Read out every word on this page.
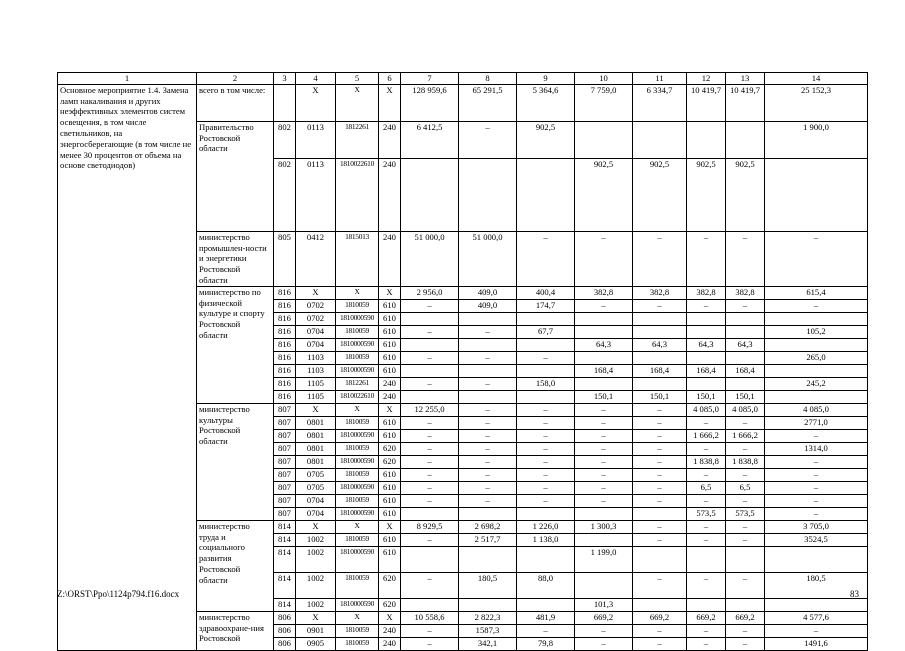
1	2	3	4	5	6	7	8	9	10	11	12	13	14
Основное мероприятие 1.4. Замена ламп накаливания и других неэффективных элементов систем освещения, в том числе светильников, на энергосберегающие (в том числе не менее 30 процентов от объема на основе светодиодов)	всего в том числе:		X	X	X	128 959,6	65 291,5	5 364,6	7 759,0	6 334,7	10 419,7	10 419,7	25 152,3
	Правительство Ростовской области	802	0113	1812261	240	6 412,5	–	902,5					1 900,0
		802	0113	1810022610	240				902,5	902,5	902,5	902,5	
	министерство промышлен-ности и энергетики Ростовской области	805	0412	1815013	240	51 000,0	51 000,0	–	–	–	–	–	–
	министерство по физической культуре и спорту Ростовской области	816	X	X	X	2 956,0	409,0	400,4	382,8	382,8	382,8	382,8	615,4
		816	0702	1810059	610	–	409,0	174,7	–	–	–	–	–
		816	0702	1810000590	610								
		816	0704	1810059	610	–	–	67,7					105,2
		816	0704	1810000590	610				64,3	64,3	64,3	64,3	
		816	1103	1810059	610	–	–	–					265,0
		816	1103	1810000590	610				168,4	168,4	168,4	168,4	
		816	1105	1812261	240	–	–	158,0					245,2
		816	1105	1810022610	240				150,1	150,1	150,1	150,1	
	министерство культуры Ростовской области	807	X	X	X	12 255,0	–	–	–	–	4 085,0	4 085,0	4 085,0
		807	0801	1810059	610	–	–	–	–	–	–	–	2771,0
		807	0801	1810000590	610	–	–	–	–	–	1 666,2	1 666,2	–
		807	0801	1810059	620	–	–	–	–	–	–	–	1314,0
		807	0801	1810000590	620	–	–	–	–	–	1 838,8	1 838,8	–
		807	0705	1810059	610	–	–	–	–	–	–	–	–
		807	0705	1810000590	610	–	–	–	–	–	6,5	6,5	–
		807	0704	1810059	610	–	–	–	–	–	–	–	–
		807	0704	1810000590	610						573,5	573,5	–
	министерство труда и социального развития Ростовской области	814	X	X	X	8 929,5	2 698,2	1 226,0	1 300,3	–	–	–	3 705,0
		814	1002	1810059	610	–	2 517,7	1 138,0		–	–	–	3524,5
		814	1002	1810000590	610				1 199,0				
		814	1002	1810059	620	–	180,5	88,0		–	–	–	180,5
		814	1002	1810000590	620				101,3				
	министерство здравоохране-ния Ростовской	806	X	X	X	10 558,6	2 822,3	481,9	669,2	669,2	669,2	669,2	4 577,6
		806	0901	1810059	240	–	1587,3	–	–	–	–	–	–
		806	0905	1810059	240	–	342,1	79,8	–	–	–	–	1491,6
Z:\ORST\Ppo\1124p794.f16.docx	83
